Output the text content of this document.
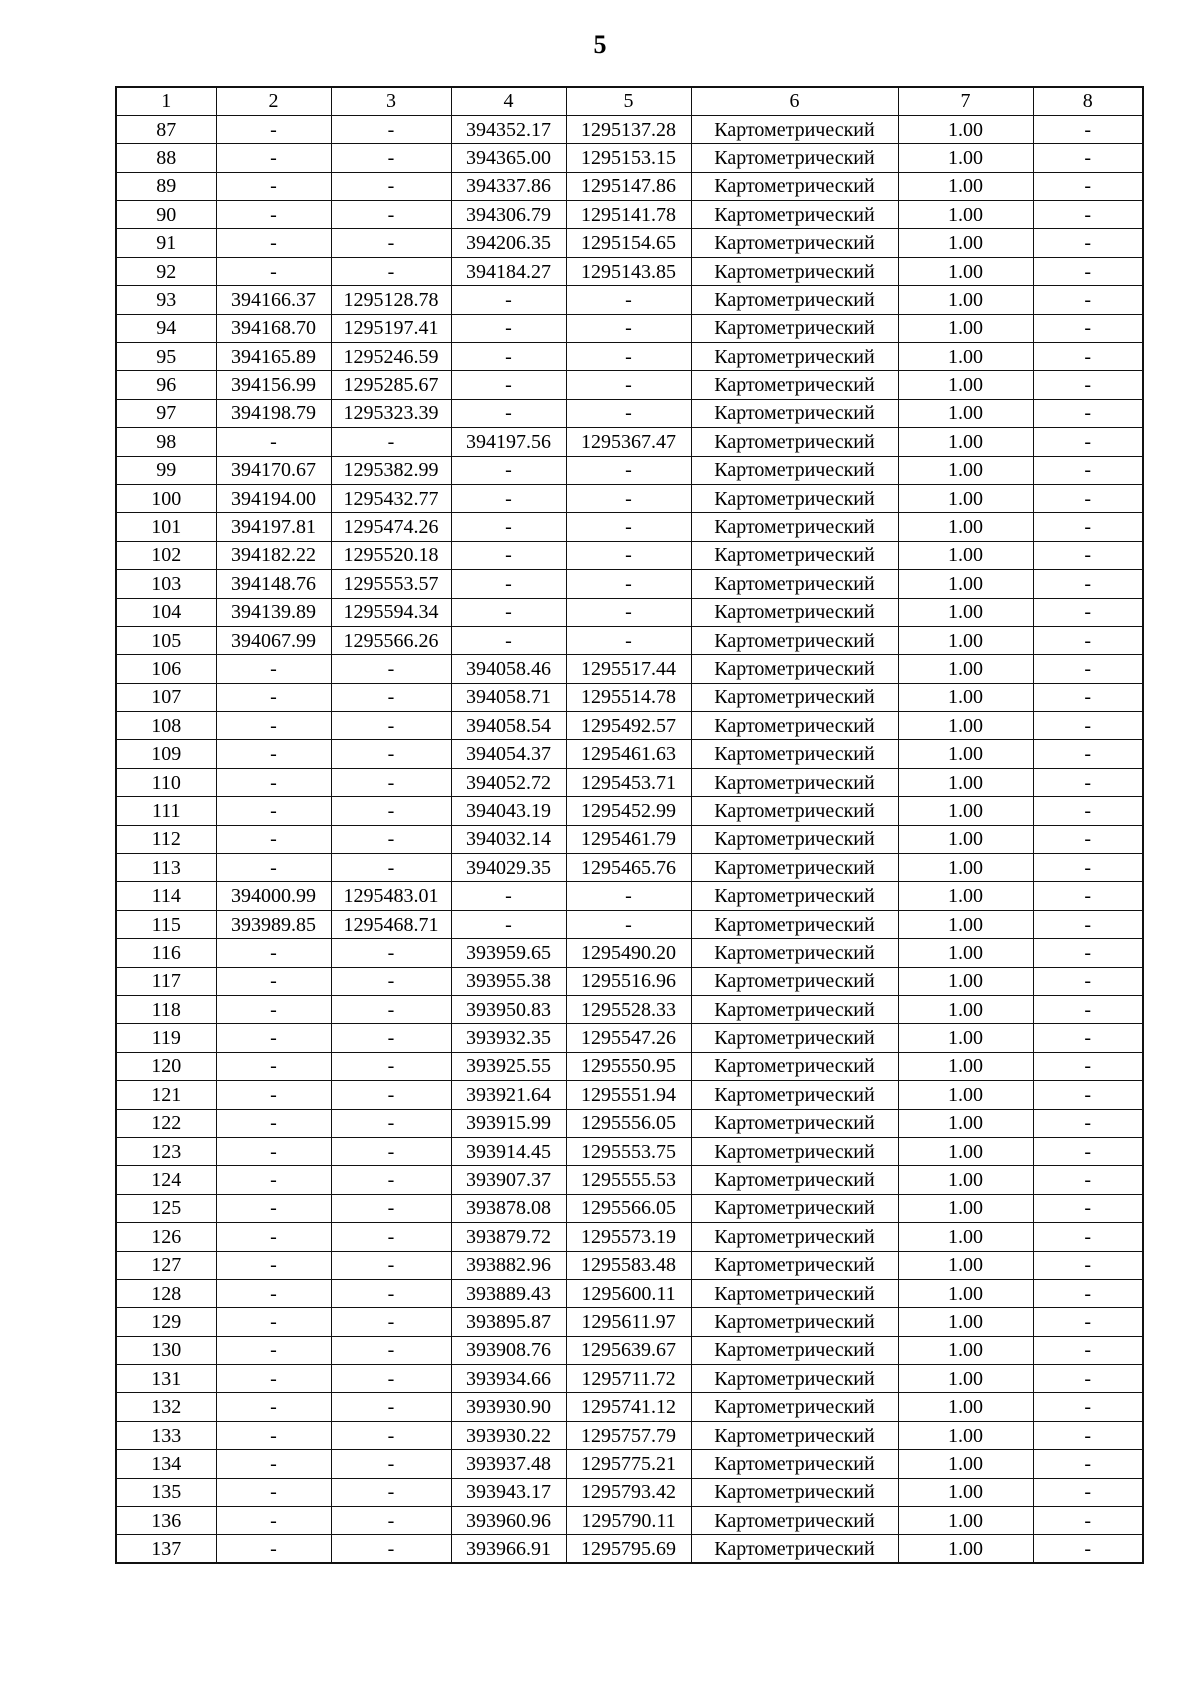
5
1	2	3	4	5	6	7	8
87	-	-	394352.17	1295137.28	Картометрический	1.00	-
88	-	-	394365.00	1295153.15	Картометрический	1.00	-
89	-	-	394337.86	1295147.86	Картометрический	1.00	-
90	-	-	394306.79	1295141.78	Картометрический	1.00	-
91	-	-	394206.35	1295154.65	Картометрический	1.00	-
92	-	-	394184.27	1295143.85	Картометрический	1.00	-
93	394166.37	1295128.78	-	-	Картометрический	1.00	-
94	394168.70	1295197.41	-	-	Картометрический	1.00	-
95	394165.89	1295246.59	-	-	Картометрический	1.00	-
96	394156.99	1295285.67	-	-	Картометрический	1.00	-
97	394198.79	1295323.39	-	-	Картометрический	1.00	-
98	-	-	394197.56	1295367.47	Картометрический	1.00	-
99	394170.67	1295382.99	-	-	Картометрический	1.00	-
100	394194.00	1295432.77	-	-	Картометрический	1.00	-
101	394197.81	1295474.26	-	-	Картометрический	1.00	-
102	394182.22	1295520.18	-	-	Картометрический	1.00	-
103	394148.76	1295553.57	-	-	Картометрический	1.00	-
104	394139.89	1295594.34	-	-	Картометрический	1.00	-
105	394067.99	1295566.26	-	-	Картометрический	1.00	-
106	-	-	394058.46	1295517.44	Картометрический	1.00	-
107	-	-	394058.71	1295514.78	Картометрический	1.00	-
108	-	-	394058.54	1295492.57	Картометрический	1.00	-
109	-	-	394054.37	1295461.63	Картометрический	1.00	-
110	-	-	394052.72	1295453.71	Картометрический	1.00	-
111	-	-	394043.19	1295452.99	Картометрический	1.00	-
112	-	-	394032.14	1295461.79	Картометрический	1.00	-
113	-	-	394029.35	1295465.76	Картометрический	1.00	-
114	394000.99	1295483.01	-	-	Картометрический	1.00	-
115	393989.85	1295468.71	-	-	Картометрический	1.00	-
116	-	-	393959.65	1295490.20	Картометрический	1.00	-
117	-	-	393955.38	1295516.96	Картометрический	1.00	-
118	-	-	393950.83	1295528.33	Картометрический	1.00	-
119	-	-	393932.35	1295547.26	Картометрический	1.00	-
120	-	-	393925.55	1295550.95	Картометрический	1.00	-
121	-	-	393921.64	1295551.94	Картометрический	1.00	-
122	-	-	393915.99	1295556.05	Картометрический	1.00	-
123	-	-	393914.45	1295553.75	Картометрический	1.00	-
124	-	-	393907.37	1295555.53	Картометрический	1.00	-
125	-	-	393878.08	1295566.05	Картометрический	1.00	-
126	-	-	393879.72	1295573.19	Картометрический	1.00	-
127	-	-	393882.96	1295583.48	Картометрический	1.00	-
128	-	-	393889.43	1295600.11	Картометрический	1.00	-
129	-	-	393895.87	1295611.97	Картометрический	1.00	-
130	-	-	393908.76	1295639.67	Картометрический	1.00	-
131	-	-	393934.66	1295711.72	Картометрический	1.00	-
132	-	-	393930.90	1295741.12	Картометрический	1.00	-
133	-	-	393930.22	1295757.79	Картометрический	1.00	-
134	-	-	393937.48	1295775.21	Картометрический	1.00	-
135	-	-	393943.17	1295793.42	Картометрический	1.00	-
136	-	-	393960.96	1295790.11	Картометрический	1.00	-
137	-	-	393966.91	1295795.69	Картометрический	1.00	-
